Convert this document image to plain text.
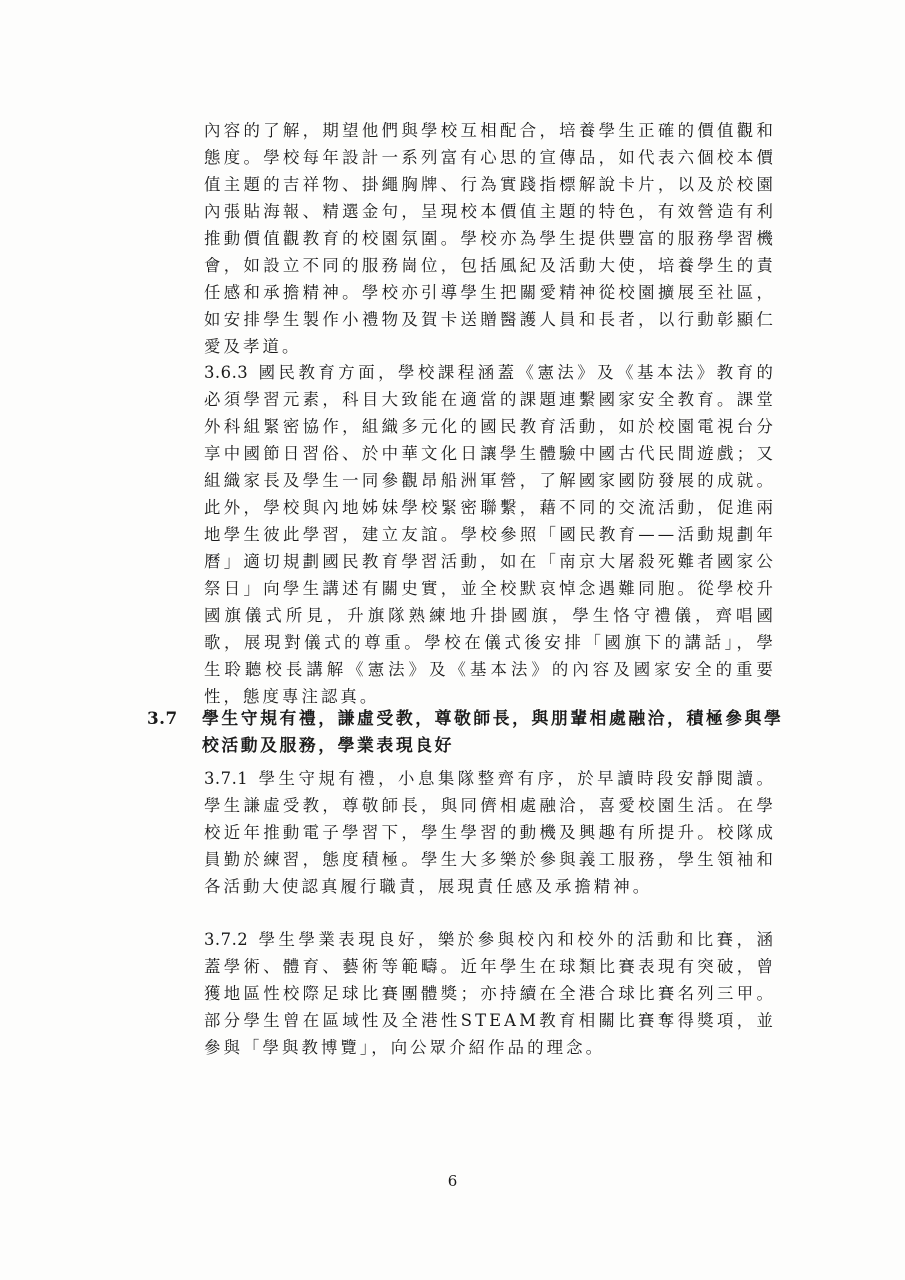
內容的了解，期望他們與學校互相配合，培養學生正確的價值觀和態度。學校每年設計一系列富有心思的宣傳品，如代表六個校本價值主題的吉祥物、掛繩胸牌、行為實踐指標解說卡片，以及於校園內張貼海報、精選金句，呈現校本價值主題的特色，有效營造有利推動價值觀教育的校園氛圍。學校亦為學生提供豐富的服務學習機會，如設立不同的服務崗位，包括風紀及活動大使，培養學生的責任感和承擔精神。學校亦引導學生把關愛精神從校園擴展至社區，如安排學生製作小禮物及賀卡送贈醫護人員和長者，以行動彰顯仁愛及孝道。

3.6.3 國民教育方面，學校課程涵蓋《憲法》及《基本法》教育的必須學習元素，科目大致能在適當的課題連繫國家安全教育。課堂外科組緊密協作，組織多元化的國民教育活動，如於校園電視台分享中國節日習俗、於中華文化日讓學生體驗中國古代民間遊戲；又組織家長及學生一同參觀昂船洲軍營，了解國家國防發展的成就。此外，學校與內地姊妹學校緊密聯繫，藉不同的交流活動，促進兩地學生彼此學習，建立友誼。學校參照「國民教育——活動規劃年曆」適切規劃國民教育學習活動，如在「南京大屠殺死難者國家公祭日」向學生講述有關史實，並全校默哀悼念遇難同胞。從學校升國旗儀式所見，升旗隊熟練地升掛國旗，學生恪守禮儀，齊唱國歌，展現對儀式的尊重。學校在儀式後安排「國旗下的講話」，學生聆聽校長講解《憲法》及《基本法》的內容及國家安全的重要性，態度專注認真。

3.7 學生守規有禮，謙虛受教，尊敬師長，與朋輩相處融洽，積極參與學校活動及服務，學業表現良好

3.7.1 學生守規有禮，小息集隊整齊有序，於早讀時段安靜閱讀。學生謙虛受教，尊敬師長，與同儕相處融洽，喜愛校園生活。在學校近年推動電子學習下，學生學習的動機及興趣有所提升。校隊成員勤於練習，態度積極。學生大多樂於參與義工服務，學生領袖和各活動大使認真履行職責，展現責任感及承擔精神。

3.7.2 學生學業表現良好，樂於參與校內和校外的活動和比賽，涵蓋學術、體育、藝術等範疇。近年學生在球類比賽表現有突破，曾獲地區性校際足球比賽團體獎；亦持續在全港合球比賽名列三甲。部分學生曾在區域性及全港性STEAM教育相關比賽奪得獎項，並參與「學與教博覽」，向公眾介紹作品的理念。

6
